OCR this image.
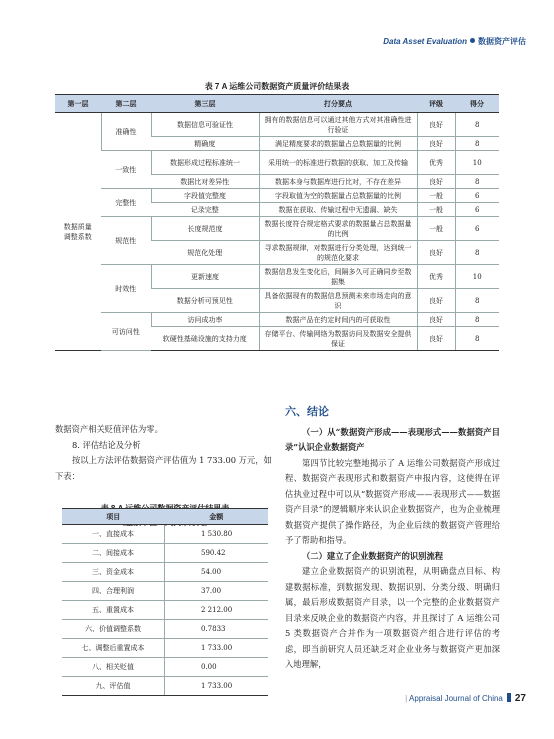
Data Asset Evaluation 数据资产评估
表 7 A 运维公司数据资产质量评价结果表
第一层	第二层	第三层	打分要点	评级	得分
数据质量调整系数	准确性	数据信息可验证性	拥有的数据信息可以通过其他方式对其准确性进行验证	良好	8
		精确度	满足精度要求的数据量占总数据量的比例	良好	8
	一致性	数据形成过程标准统一	采用统一的标准进行数据的获取、加工及传输	优秀	10
		数据比对差异性	数据本身与数据库进行比对，不存在差异	良好	8
	完整性	字段值完整度	字段取值为空的数据量占总数据量的比例	一般	6
		记录完整	数据在获取、传输过程中无遗漏、缺失	一般	6
	规范性	长度规范度	数据长度符合规定格式要求的数据量占总数据量的比例	一般	6
		规范化处理	寻求数据规律，对数据进行分类处理，达到统一的规范化要求	良好	8
	时效性	更新速度	数据信息发生变化后，间隔多久可正确同步至数据集	优秀	10
		数据分析可预见性	具备依据现有的数据信息预测未来市场走向的意识	良好	8
	可访问性	访问成功率	数据产品在约定时间内的可获取性	良好	8
		软硬性基础设施的支持力度	存储平台、传输网络为数据访问及数据安全提供保证	良好	8
数据资产相关贬值评估为零。
8. 评估结论及分析
按以上方法评估数据资产评估值为 1 733.00 万元，如下表：
项目	金额
一、直接成本	1 530.80
二、间接成本	590.42
三、资金成本	54.00
四、合理利润	37.00
五、重置成本	2 212.00
六、价值调整系数	0.7833
七、调整后重置成本	1 733.00
八、相关贬值	0.00
九、评估值	1 733.00
六、结论
（一）从“数据资产形成——表现形式——数据资产目录”认识企业数据资产
第四节比较完整地揭示了 A 运维公司数据资产形成过程、数据资产表现形式和数据资产申报内容，这使得在评估执业过程中可以从“数据资产形成——表现形式——数据资产目录”的逻辑顺序来认识企业数据资产，也为企业梳理数据资产提供了操作路径，为企业后续的数据资产管理给予了帮助和指导。
（二）建立了企业数据资产的识别流程
建立企业数据资产的识别流程，从明确盘点目标、构建数据标准，到数据发现、数据识别、分类分级、明确归属，最后形成数据资产目录，以一个完整的企业数据资产目录来反映企业的数据资产内容，并且探讨了 A 运维公司 5 类数据资产合并作为一项数据资产组合进行评估的考虑，即当前研究人员还缺乏对企业业务与数据资产更加深入地理解，
| Appraisal Journal of China 27
